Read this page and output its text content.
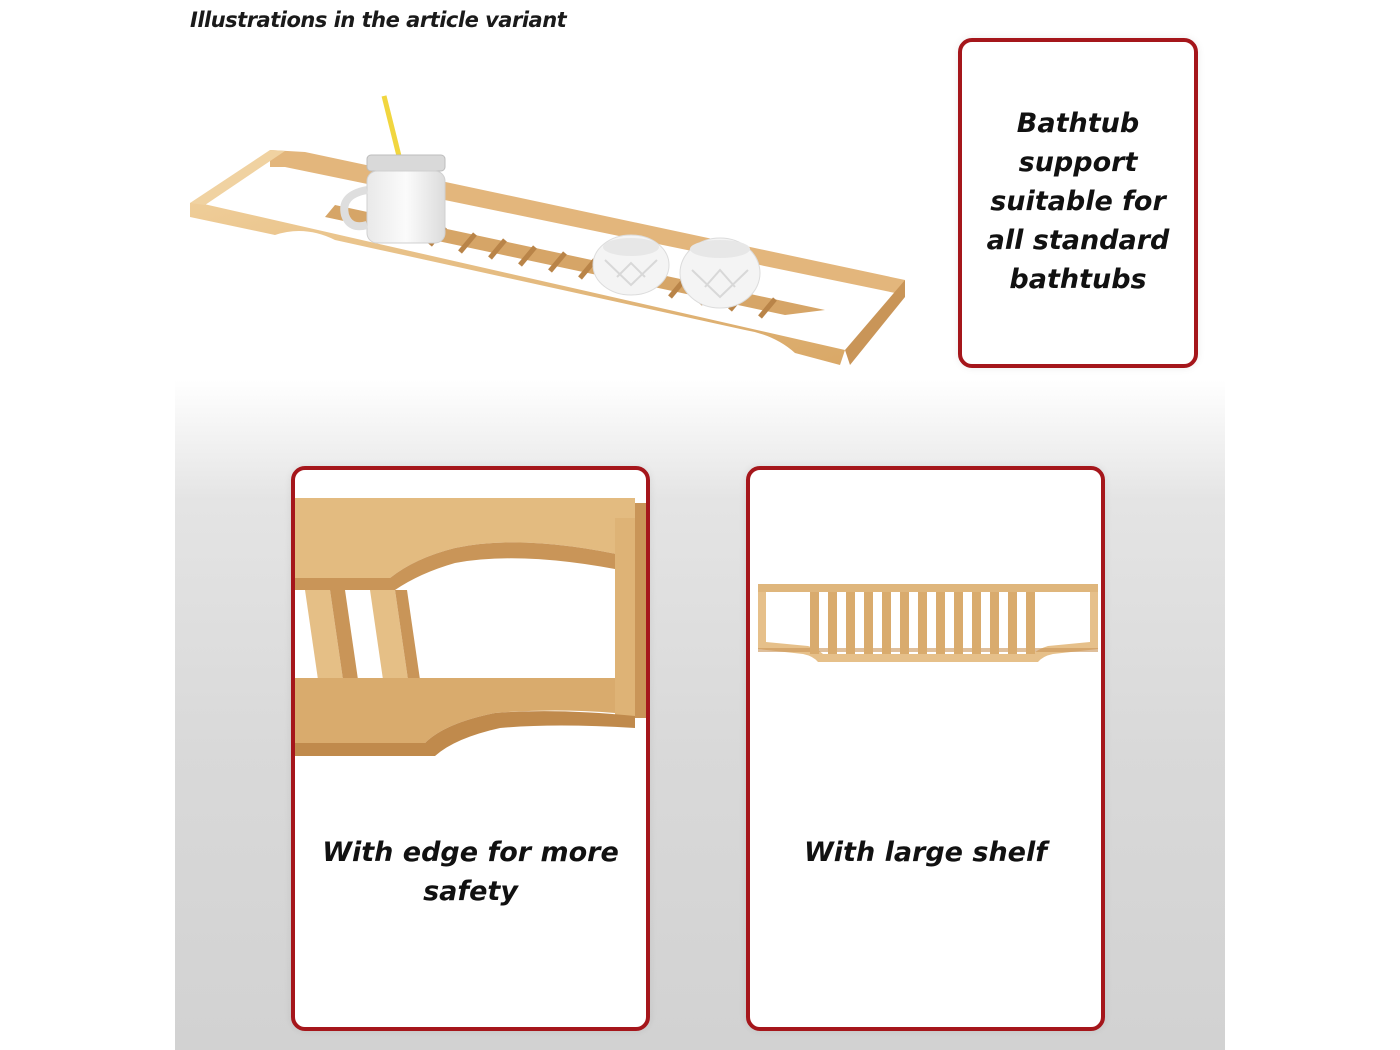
Illustrations in the article variant
Bathtub support suitable for all standard bathtubs
With edge for more safety
With large shelf
